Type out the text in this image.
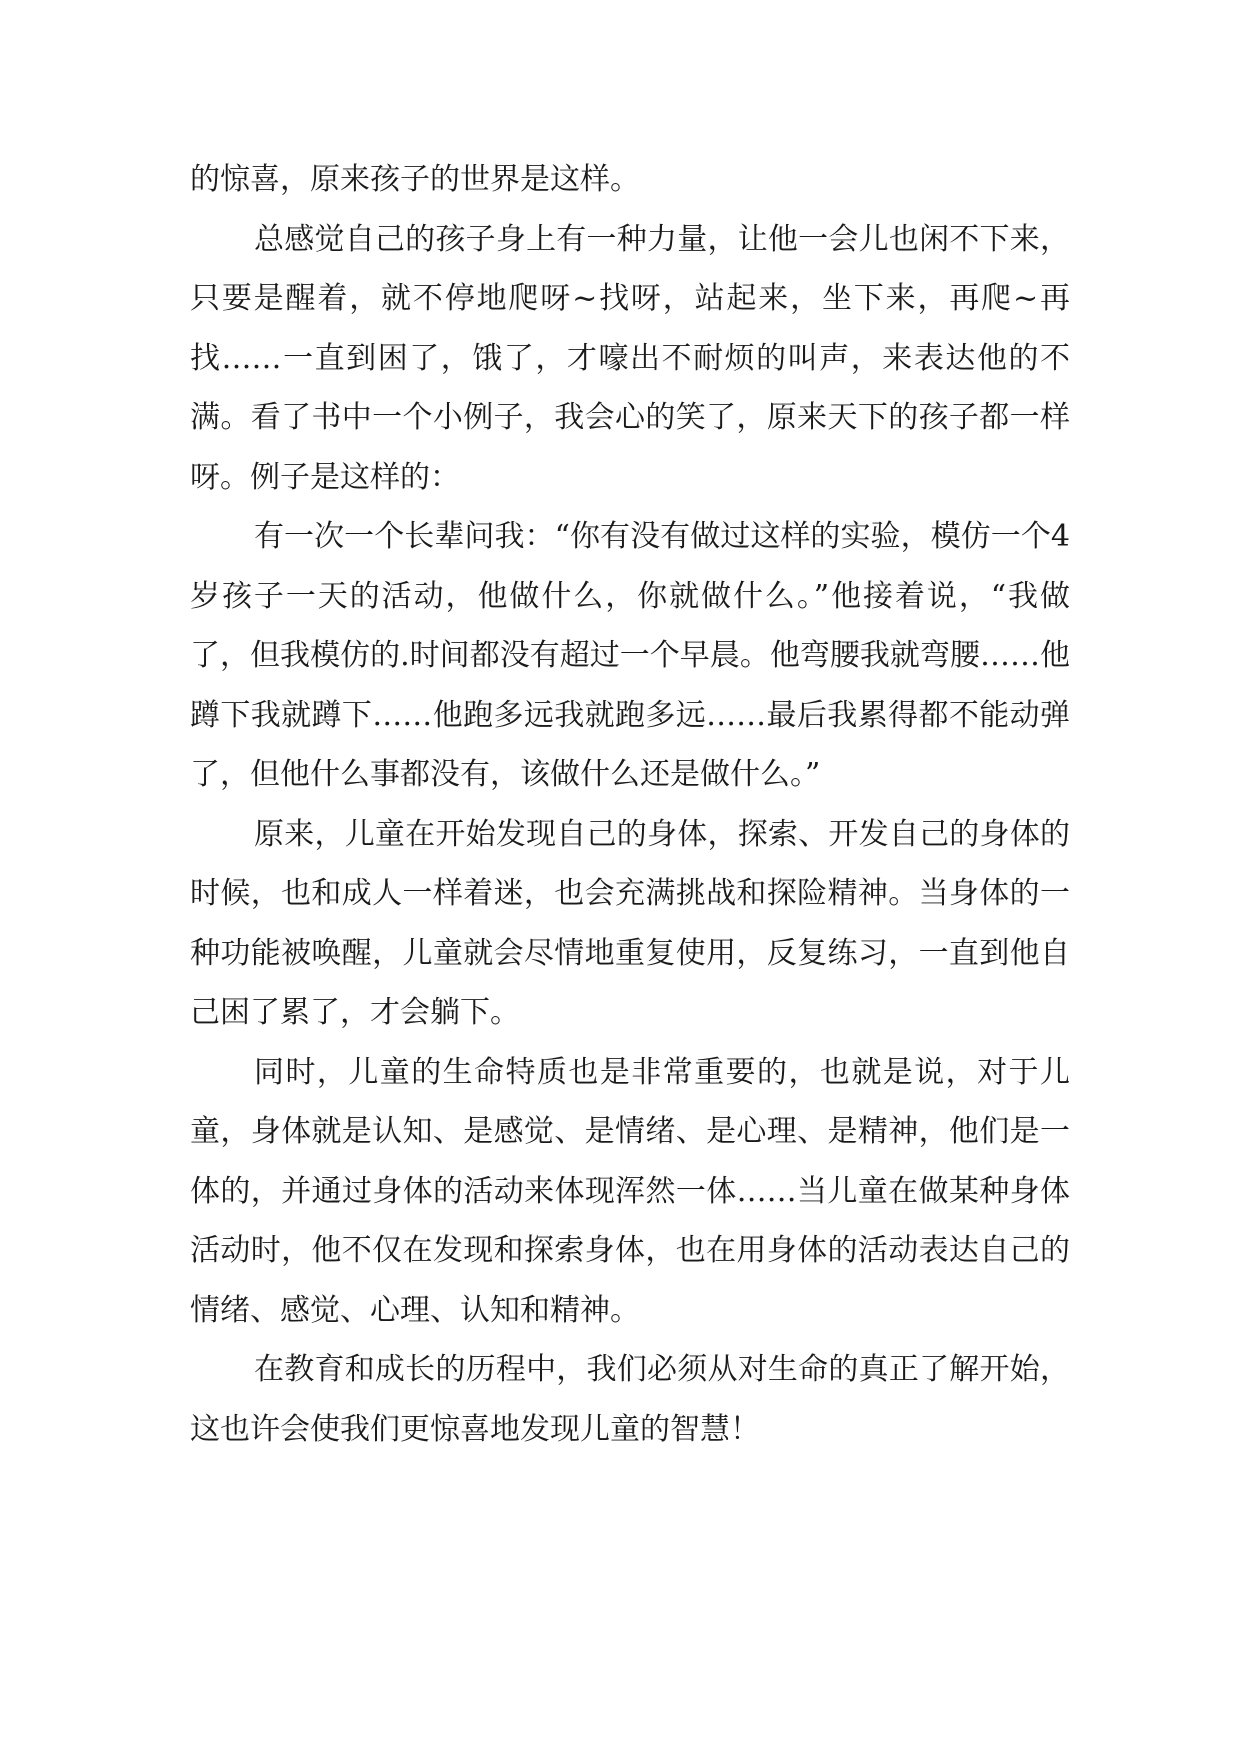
的惊喜，原来孩子的世界是这样。

总感觉自己的孩子身上有一种力量，让他一会儿也闲不下来，只要是醒着，就不停地爬呀~找呀，站起来，坐下来，再爬~再找……一直到困了，饿了，才嚎出不耐烦的叫声，来表达他的不满。看了书中一个小例子，我会心的笑了，原来天下的孩子都一样呀。例子是这样的：

有一次一个长辈问我：“你有没有做过这样的实验，模仿一个4岁孩子一天的活动，他做什么，你就做什么。”他接着说，“我做了，但我模仿的.时间都没有超过一个早晨。他弯腰我就弯腰……他蹲下我就蹲下……他跑多远我就跑多远……最后我累得都不能动弹了，但他什么事都没有，该做什么还是做什么。”

原来，儿童在开始发现自己的身体，探索、开发自己的身体的时候，也和成人一样着迷，也会充满挑战和探险精神。当身体的一种功能被唤醒，儿童就会尽情地重复使用，反复练习，一直到他自己困了累了，才会躺下。

同时，儿童的生命特质也是非常重要的，也就是说，对于儿童，身体就是认知、是感觉、是情绪、是心理、是精神，他们是一体的，并通过身体的活动来体现浑然一体……当儿童在做某种身体活动时，他不仅在发现和探索身体，也在用身体的活动表达自己的情绪、感觉、心理、认知和精神。

在教育和成长的历程中，我们必须从对生命的真正了解开始，这也许会使我们更惊喜地发现儿童的智慧！
